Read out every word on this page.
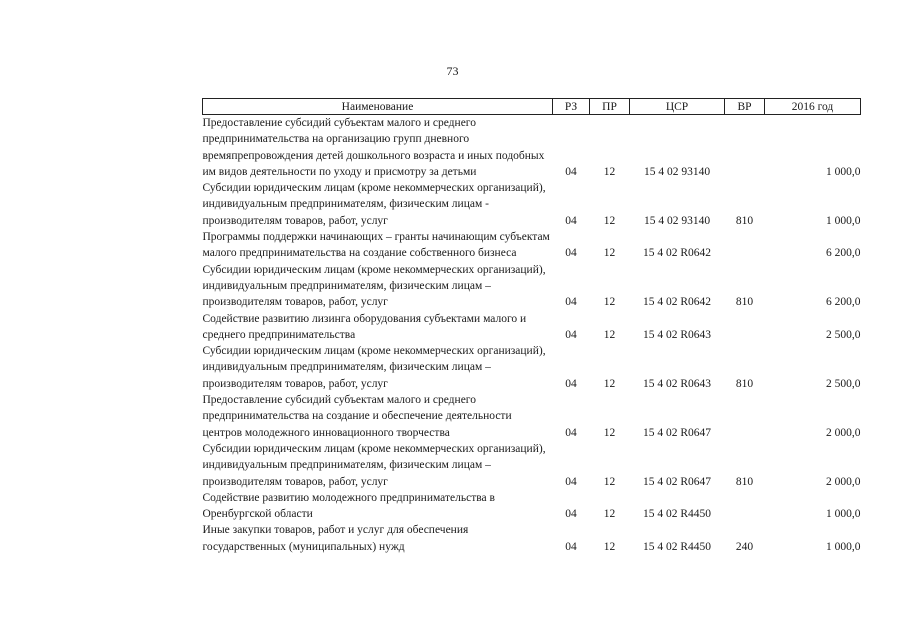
73
Наименование	РЗ	ПР	ЦСР	ВР	2016 год
Предоставление субсидий субъектам малого и среднего предпринимательства на организацию групп дневного времяпрепровождения детей дошкольного возраста и иных подобных им видов деятельности по уходу и присмотру за детьми	04	12	15 4 02 93140		1 000,0
Субсидии юридическим лицам (кроме некоммерческих организаций), индивидуальным предпринимателям, физическим лицам - производителям товаров, работ, услуг	04	12	15 4 02 93140	810	1 000,0
Программы поддержки начинающих – гранты начинающим субъектам малого предпринимательства на создание собственного бизнеса	04	12	15 4 02 R0642		6 200,0
Субсидии юридическим лицам (кроме некоммерческих организаций), индивидуальным предпринимателям, физическим лицам – производителям товаров, работ, услуг	04	12	15 4 02 R0642	810	6 200,0
Содействие развитию лизинга оборудования субъектами малого и среднего предпринимательства	04	12	15 4 02 R0643		2 500,0
Субсидии юридическим лицам (кроме некоммерческих организаций), индивидуальным предпринимателям, физическим лицам – производителям товаров, работ, услуг	04	12	15 4 02 R0643	810	2 500,0
Предоставление субсидий субъектам малого и среднего предпринимательства на создание и обеспечение деятельности центров молодежного инновационного творчества	04	12	15 4 02 R0647		2 000,0
Субсидии юридическим лицам (кроме некоммерческих организаций), индивидуальным предпринимателям, физическим лицам – производителям товаров, работ, услуг	04	12	15 4 02 R0647	810	2 000,0
Содействие развитию молодежного предпринимательства в Оренбургской области	04	12	15 4 02 R4450		1 000,0
Иные закупки товаров, работ и услуг для обеспечения государственных (муниципальных) нужд	04	12	15 4 02 R4450	240	1 000,0
